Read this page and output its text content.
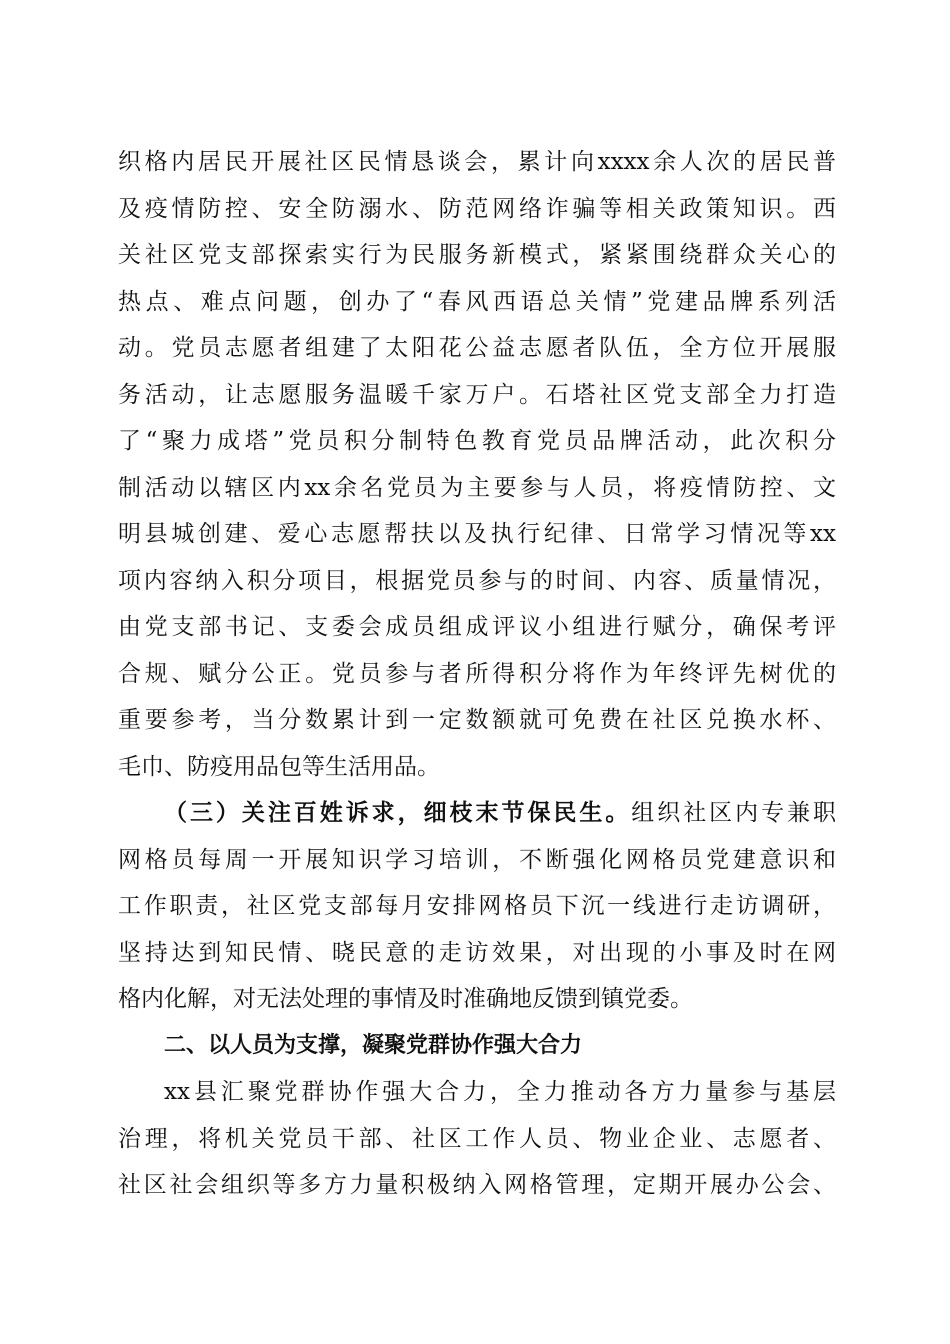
织格内居民开展社区民情恳谈会，累计向xxxx余人次的居民普
及疫情防控、安全防溺水、防范网络诈骗等相关政策知识。西
关社区党支部探索实行为民服务新模式，紧紧围绕群众关心的
热点、难点问题，创办了“春风西语总关情”党建品牌系列活
动。党员志愿者组建了太阳花公益志愿者队伍，全方位开展服
务活动，让志愿服务温暖千家万户。石塔社区党支部全力打造
了“聚力成塔”党员积分制特色教育党员品牌活动，此次积分
制活动以辖区内xx余名党员为主要参与人员，将疫情防控、文
明县城创建、爱心志愿帮扶以及执行纪律、日常学习情况等xx
项内容纳入积分项目，根据党员参与的时间、内容、质量情况，
由党支部书记、支委会成员组成评议小组进行赋分，确保考评
合规、赋分公正。党员参与者所得积分将作为年终评先树优的
重要参考，当分数累计到一定数额就可免费在社区兑换水杯、
毛巾、防疫用品包等生活用品。
（三）关注百姓诉求，细枝末节保民生。组织社区内专兼职
网格员每周一开展知识学习培训，不断强化网格员党建意识和
工作职责，社区党支部每月安排网格员下沉一线进行走访调研，
坚持达到知民情、晓民意的走访效果，对出现的小事及时在网
格内化解，对无法处理的事情及时准确地反馈到镇党委。
二、以人员为支撑，凝聚党群协作强大合力
xx县汇聚党群协作强大合力，全力推动各方力量参与基层
治理，将机关党员干部、社区工作人员、物业企业、志愿者、
社区社会组织等多方力量积极纳入网格管理，定期开展办公会、
